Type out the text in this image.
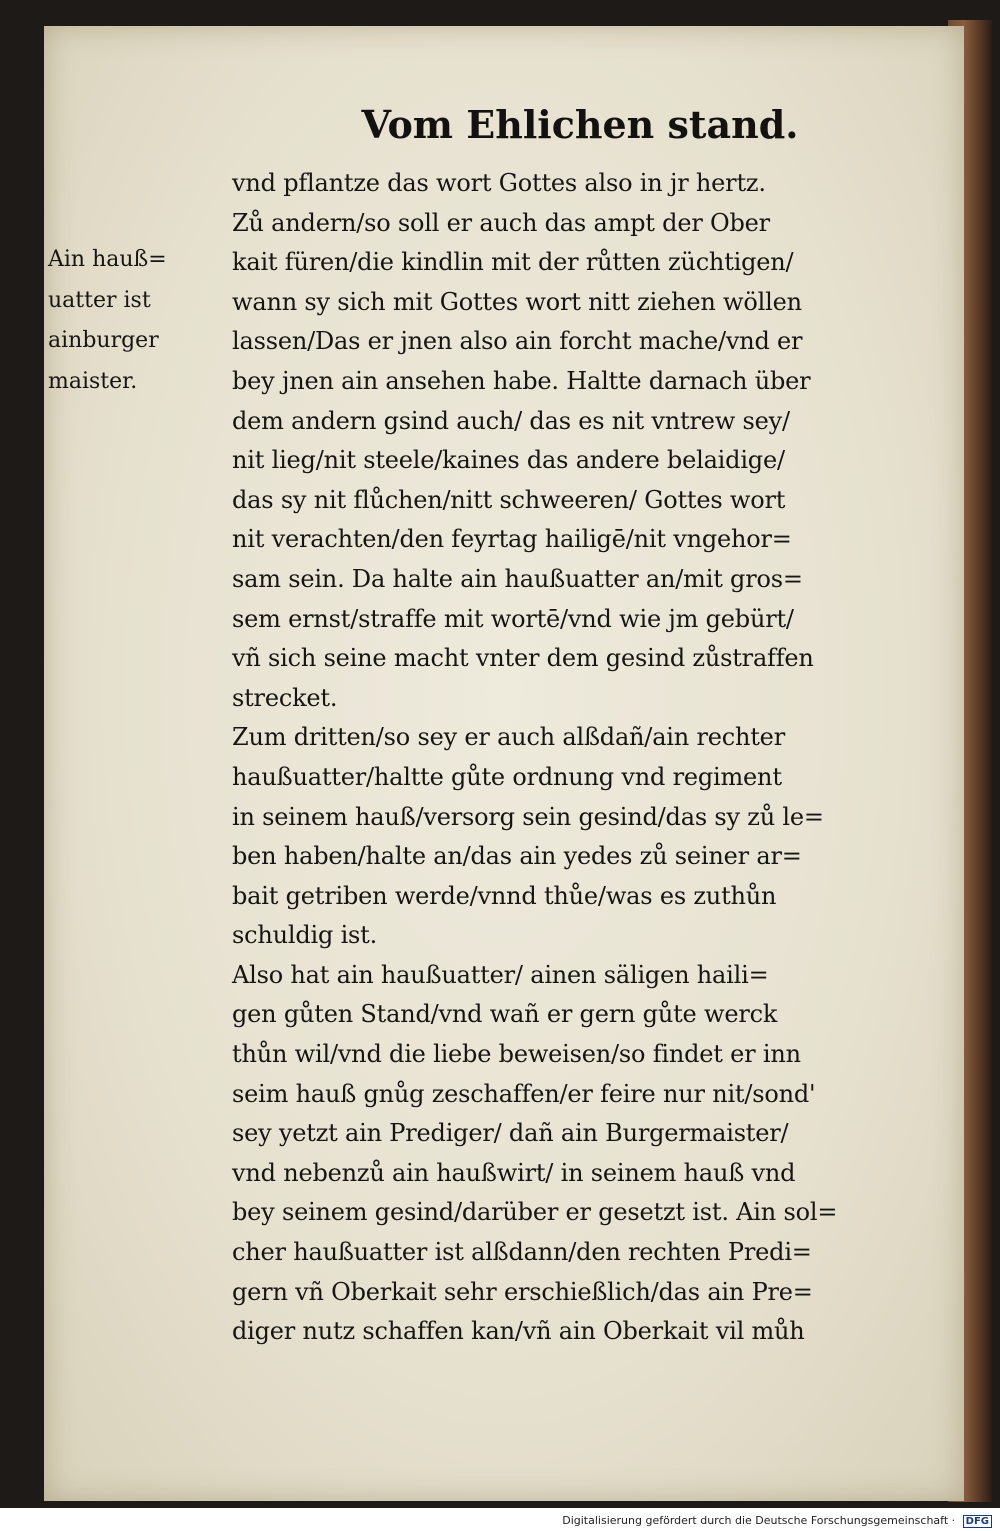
Vom Ehlichen stand.
Ain hauß=
uatter ist
ainburger
maister.
vnd pflantze das wort Gottes also in jr hertz.
Zů andern/so soll er auch das ampt der Ober
kait füren/die kindlin mit der růtten züchtigen/
wann sy sich mit Gottes wort nitt ziehen wöllen
lassen/Das er jnen also ain forcht mache/vnd er
bey jnen ain ansehen habe. Haltte darnach über
dem andern gsind auch/ das es nit vntrew sey/
nit lieg/nit steele/kaines das andere belaidige/
das sy nit flůchen/nitt schweeren/ Gottes wort
nit verachten/den feyrtag hailigē/nit vngehor=
sam sein. Da halte ain haußuatter an/mit gros=
sem ernst/straffe mit wortē/vnd wie jm gebürt/
vñ sich seine macht vnter dem gesind zůstraffen
strecket.
Zum dritten/so sey er auch alßdañ/ain rechter
haußuatter/haltte gůte ordnung vnd regiment
in seinem hauß/versorg sein gesind/das sy zů le=
ben haben/halte an/das ain yedes zů seiner ar=
bait getriben werde/vnnd thůe/was es zuthůn
schuldig ist.
Also hat ain haußuatter/ ainen säligen haili=
gen gůten Stand/vnd wañ er gern gůte werck
thůn wil/vnd die liebe beweisen/so findet er inn
seim hauß gnůg zeschaffen/er feire nur nit/sond'
sey yetzt ain Prediger/ dañ ain Burgermaister/
vnd nebenzů ain haußwirt/ in seinem hauß vnd
bey seinem gesind/darüber er gesetzt ist. Ain sol=
cher haußuatter ist alßdann/den rechten Predi=
gern vñ Oberkait sehr erschießlich/das ain Pre=
diger nutz schaffen kan/vñ ain Oberkait vil můh
Digitalisierung gefördert durch die Deutsche Forschungsgemeinschaft · DFG
